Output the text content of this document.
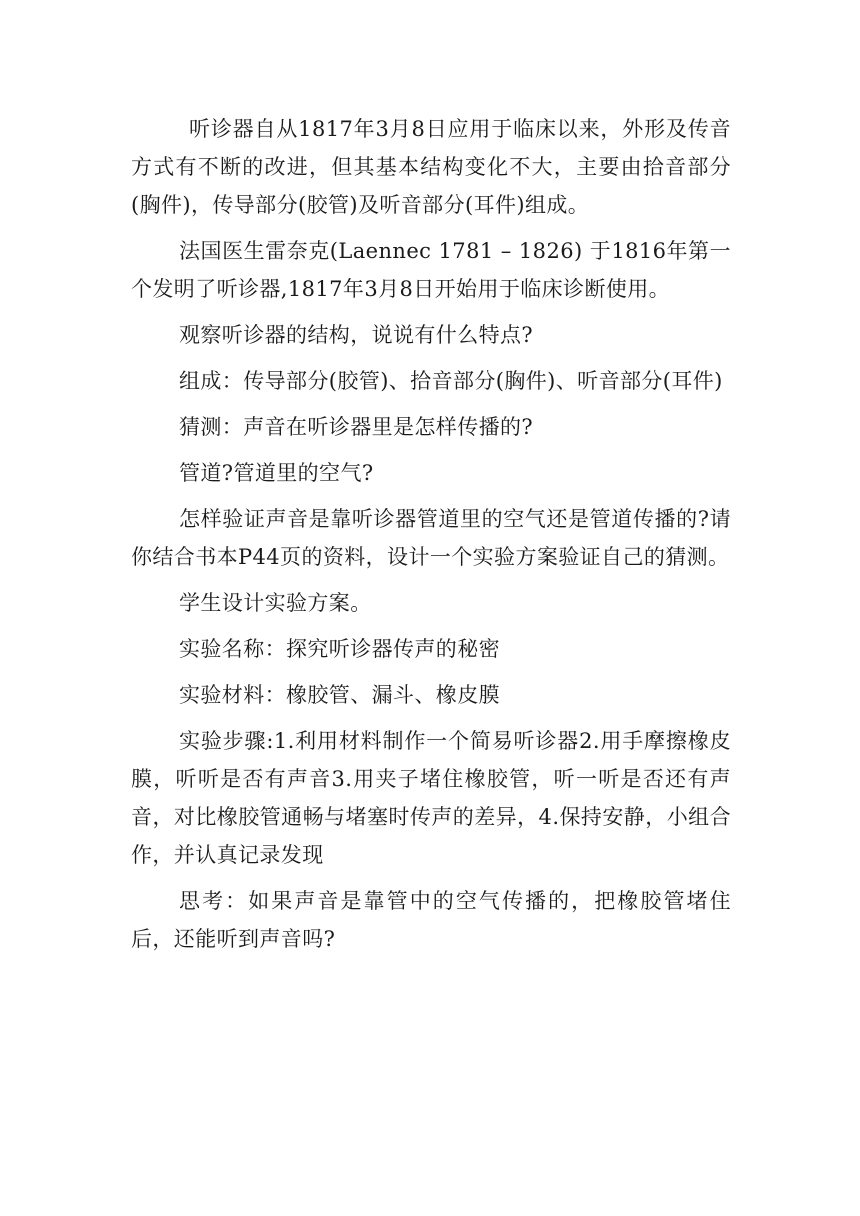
听诊器自从1817年3月8日应用于临床以来，外形及传音方式有不断的改进，但其基本结构变化不大，主要由拾音部分(胸件)，传导部分(胶管)及听音部分(耳件)组成。

法国医生雷奈克(Laennec 1781 – 1826) 于1816年第一个发明了听诊器,1817年3月8日开始用于临床诊断使用。

观察听诊器的结构，说说有什么特点?

组成：传导部分(胶管)、拾音部分(胸件)、听音部分(耳件)

猜测：声音在听诊器里是怎样传播的?

管道?管道里的空气?

怎样验证声音是靠听诊器管道里的空气还是管道传播的?请你结合书本P44页的资料，设计一个实验方案验证自己的猜测。

学生设计实验方案。

实验名称：探究听诊器传声的秘密

实验材料：橡胶管、漏斗、橡皮膜

实验步骤:1.利用材料制作一个简易听诊器2.用手摩擦橡皮膜，听听是否有声音3.用夹子堵住橡胶管，听一听是否还有声音，对比橡胶管通畅与堵塞时传声的差异，4.保持安静，小组合作，并认真记录发现

思考：如果声音是靠管中的空气传播的，把橡胶管堵住后，还能听到声音吗?
